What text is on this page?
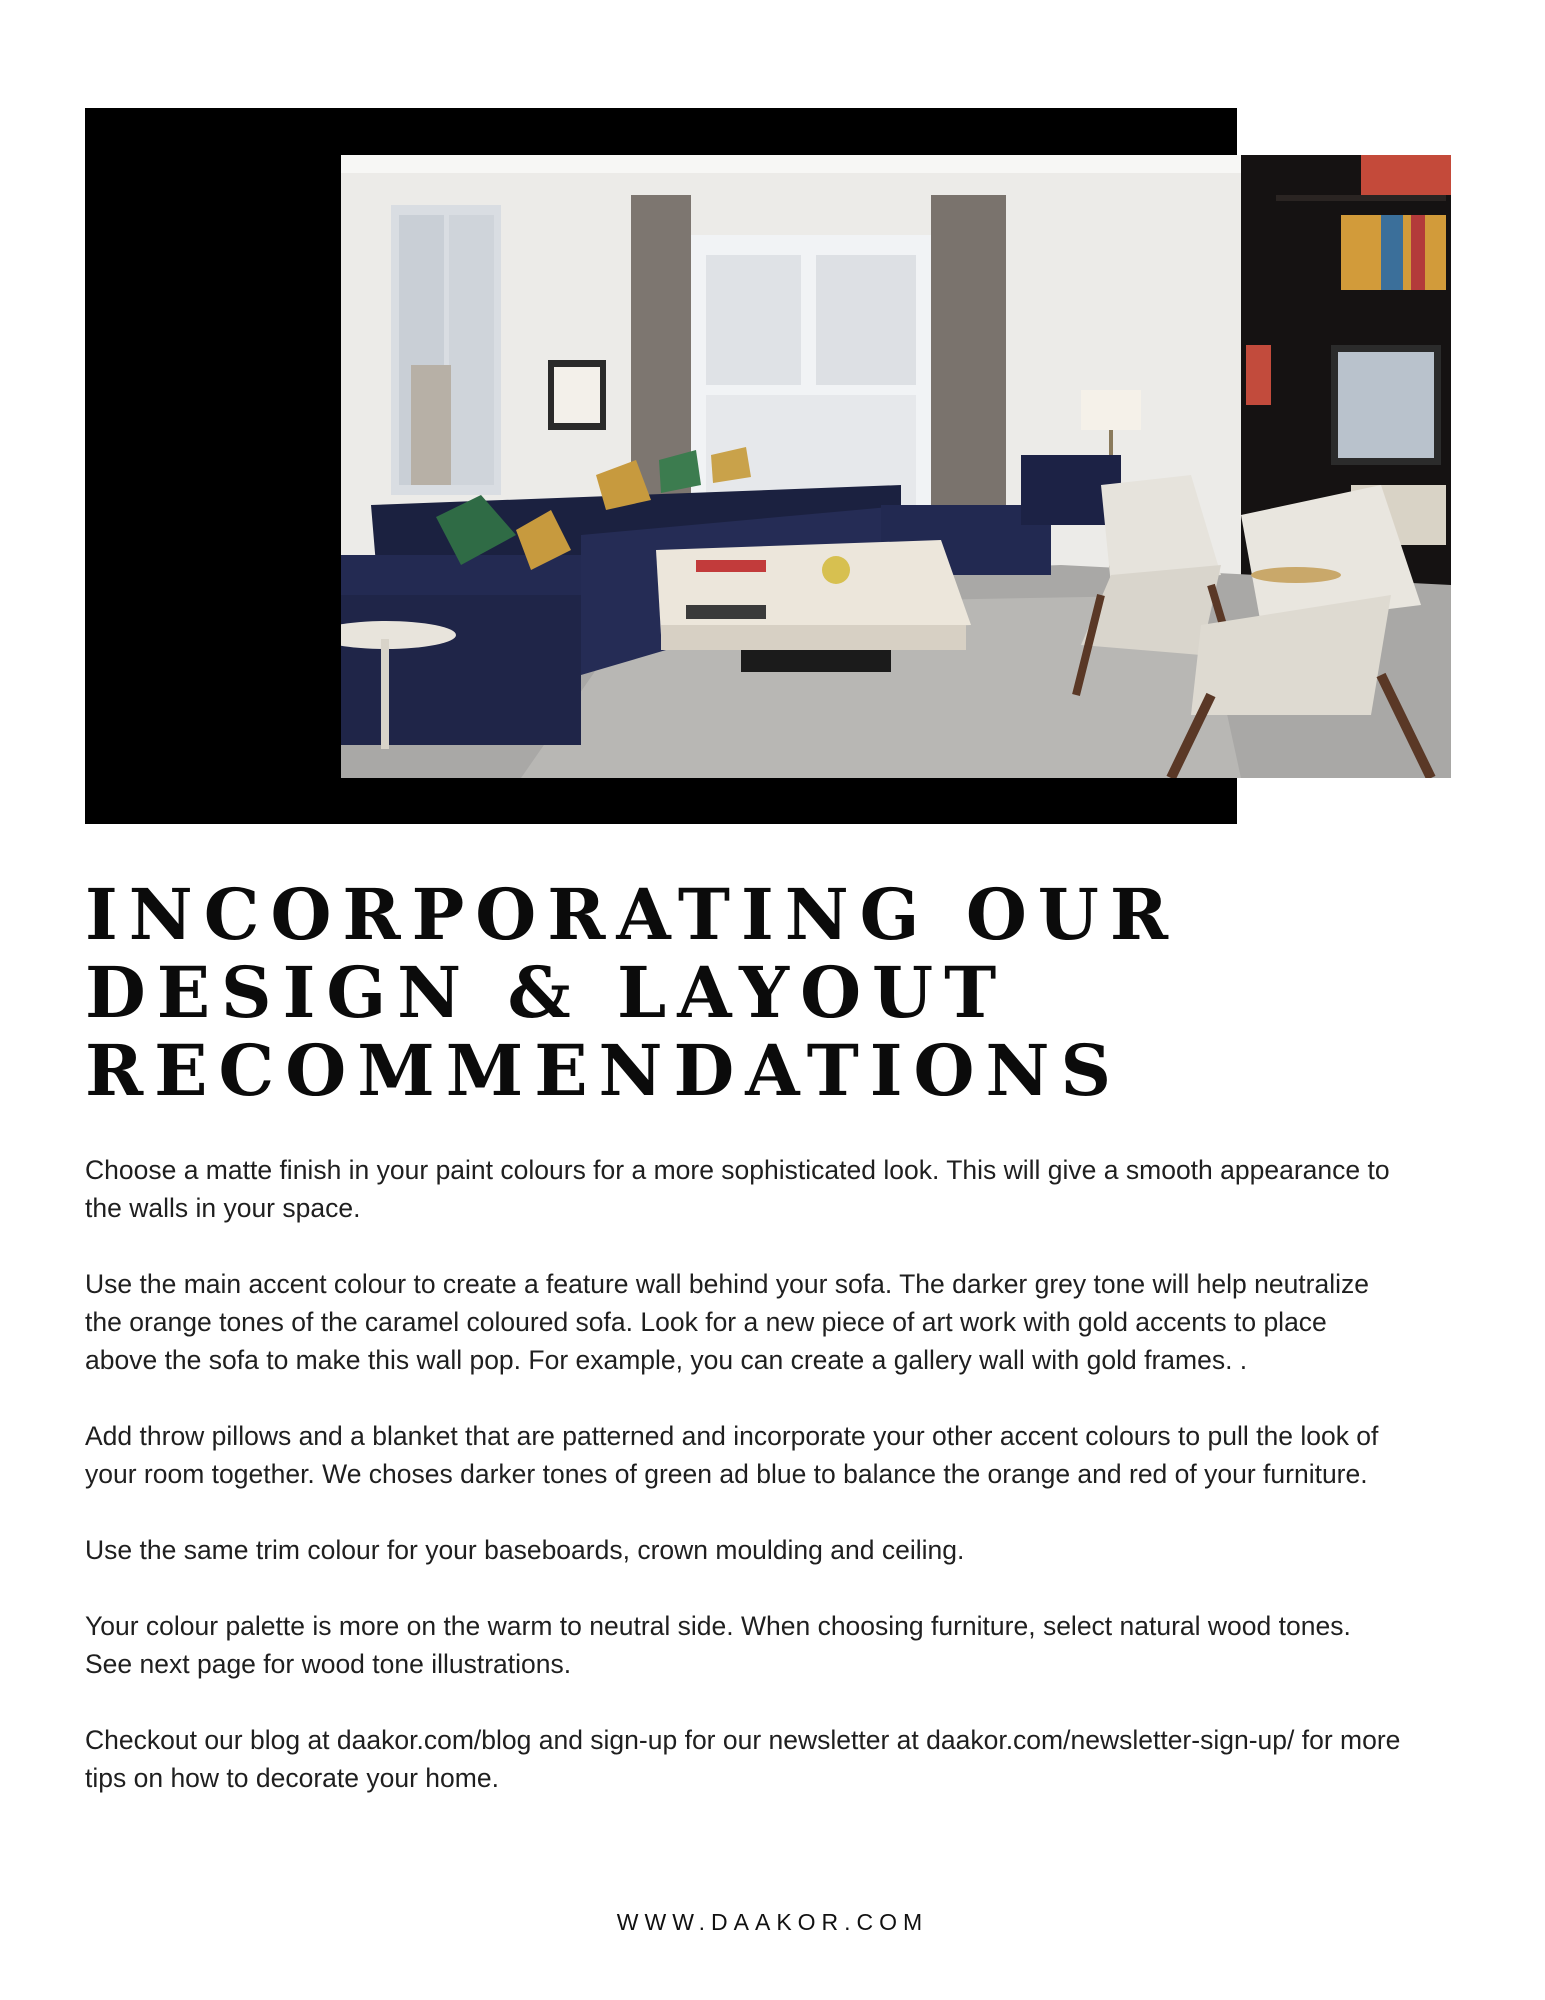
INCORPORATING OUR
DESIGN & LAYOUT
RECOMMENDATIONS

Choose a matte finish in your paint colours for a more sophisticated look. This will give a smooth appearance to the walls in your space.

Use the main accent colour to create a feature wall behind your sofa. The darker grey tone will help neutralize the orange tones of the caramel coloured sofa. Look for a new piece of art work with gold accents to place above the sofa to make this wall pop. For example, you can create a gallery wall with gold frames. .

Add throw pillows and a blanket that are patterned and incorporate your other accent colours to pull the look of your room together. We choses darker tones of green ad blue to balance the orange and red of your furniture.

Use the same trim colour for your baseboards, crown moulding and ceiling.

Your colour palette is more on the warm to neutral side. When choosing furniture, select natural wood tones. See next page for wood tone illustrations.

Checkout our blog at daakor.com/blog and sign-up for our newsletter at daakor.com/newsletter-sign-up/ for more tips on how to decorate your home.

WWW.DAAKOR.COM
